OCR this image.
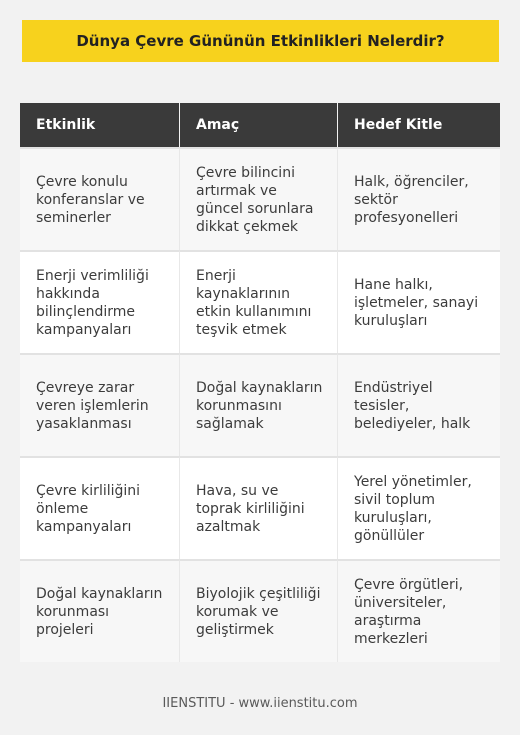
Dünya Çevre Gününün Etkinlikleri Nelerdir?
Etkinlik	Amaç	Hedef Kitle
Çevre konulu konferanslar ve seminerler	Çevre bilincini artırmak ve güncel sorunlara dikkat çekmek	Halk, öğrenciler, sektör profesyonelleri
Enerji verimliliği hakkında bilinçlendirme kampanyaları	Enerji kaynaklarının etkin kullanımını teşvik etmek	Hane halkı, işletmeler, sanayi kuruluşları
Çevreye zarar veren işlemlerin yasaklanması	Doğal kaynakların korunmasını sağlamak	Endüstriyel tesisler, belediyeler, halk
Çevre kirliliğini önleme kampanyaları	Hava, su ve toprak kirliliğini azaltmak	Yerel yönetimler, sivil toplum kuruluşları, gönüllüler
Doğal kaynakların korunması projeleri	Biyolojik çeşitliliği korumak ve geliştirmek	Çevre örgütleri, üniversiteler, araştırma merkezleri
IIENSTITU - www.iienstitu.com
